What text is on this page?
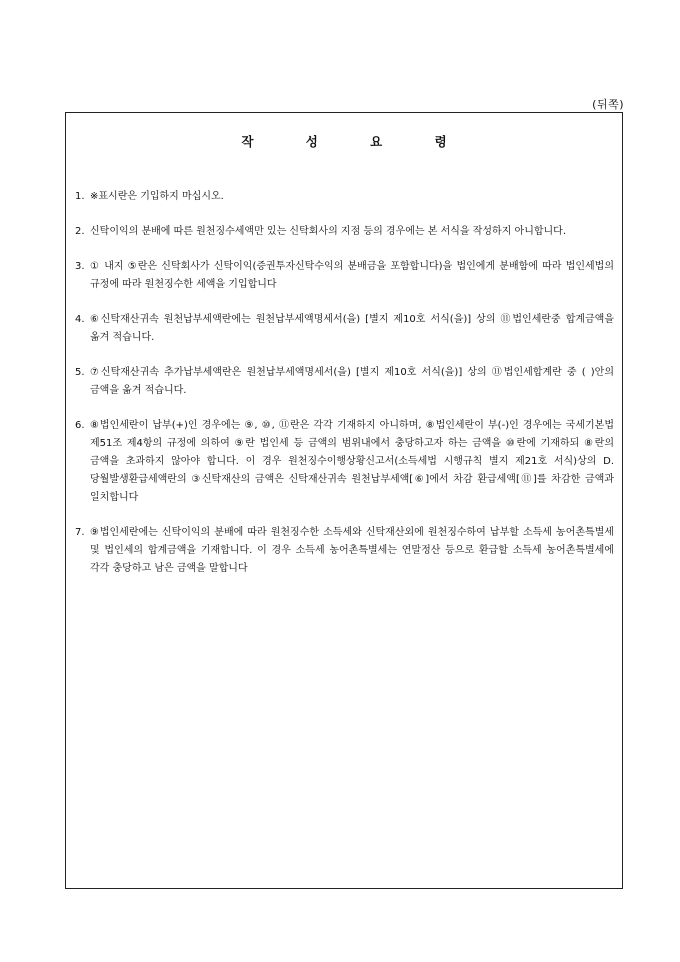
(뒤쪽)
작 성 요 령
1. ※표시란은 기입하지 마십시오.
2. 신탁이익의 분배에 따른 원천징수세액만 있는 신탁회사의 지점 등의 경우에는 본 서식을 작성하지 아니합니다.
3. ① 내지 ⑤란은 신탁회사가 신탁이익(증권투자신탁수익의 분배금을 포함합니다)을 법인에게 분배함에 따라 법인세법의 규정에 따라 원천징수한 세액을 기입합니다
4. ⑥신탁재산귀속 원천납부세액란에는 원천납부세액명세서(을) [별지 제10호 서식(을)] 상의 ⑪법인세란중 합계금액을 옮겨 적습니다.
5. ⑦신탁재산귀속 추가납부세액란은 원천납부세액명세서(을) [별지 제10호 서식(을)] 상의 ⑪법인세합계란 중 ( )안의 금액을 옮겨 적습니다.
6. ⑧법인세란이 납부(+)인 경우에는 ⑨, ⑩, ⑪란은 각각 기재하지 아니하며, ⑧법인세란이 부(-)인 경우에는 국세기본법 제51조 제4항의 규정에 의하여 ⑨란 법인세 등 금액의 범위내에서 충당하고자 하는 금액을 ⑩란에 기재하되 ⑧란의 금액을 초과하지 않아야 합니다. 이 경우 원천징수이행상황신고서(소득세법 시행규칙 별지 제21호 서식)상의 D. 당월발생환급세액란의 ③신탁재산의 금액은 신탁재산귀속 원천납부세액[⑥]에서 차감 환급세액[⑪]를 차감한 금액과 일치합니다
7. ⑨법인세란에는 신탁이익의 분배에 따라 원천징수한 소득세와 신탁재산외에 원천징수하여 납부할 소득세 농어촌특별세 및 법인세의 합계금액을 기재합니다. 이 경우 소득세 농어촌특별세는 연말정산 등으로 환급할 소득세 농어촌특별세에 각각 충당하고 남은 금액을 말합니다
